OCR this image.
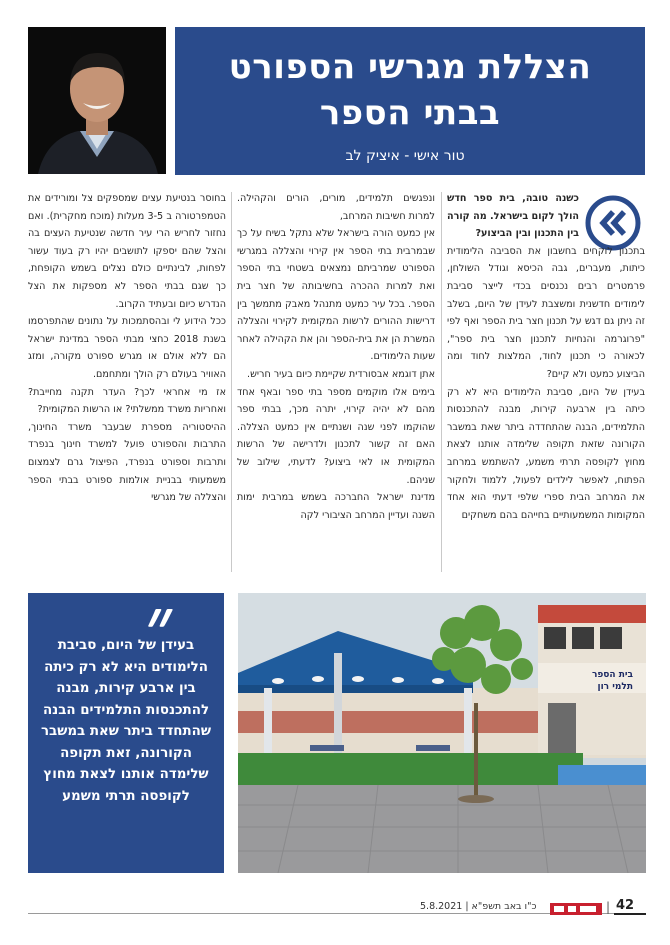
הצללת מגרשי הספורט
בבתי הספר
טור אישי - איציק לב

כשנה טובה, בית ספר חדש הולך לקום בישראל. מה קורה בין התכנון ובין הביצוע?

בתכנון לוקחים בחשבון את הסביבה הלימודית כיתות, מעברים, גבה הכיסא וגודל השולחן, פרמטרים רבים נכנסים בכדי לייצר סביבת לימודים חדשנית ומשצבת לעידן של היום, בשלב זה ניתן גם דגש על תכנון חצר בית הספר ואף לפי "פרוגרמה והנחיות לתכנון חצר בית ספר", לכאורה כי תכנון לחוד, המלצות לחוד ומה הביצוע כמעט ולא קיים?

בעידן של היום, סביבת הלימודים היא לא רק כיתה בין ארבעה קירות, מבנה להתכנסות התלמידים, הבנה שהתחדדה ביתר שאת במשבר הקורונה שזאת תקופה שלימדה אותנו לצאת מחוץ לקופסה תרתי משמע, להשתמש במרחב הפתוח, לאפשר לילדים לפעול, ללמוד ולחקור את המרחב הבית ספרי שלפי דעתי הוא אחד המקומות המשמעותיים בחייהם בהם משחקים

ונפגשים תלמידים, מורים, הורים והקהילה. למרות חשיבות המרחב,

אין כמעט הורה בישראל שלא נתקל בשיח על כך שבמרבית בתי הספר אין קירוי והצללה במגרשי הספורט שמרביתם נמצאים בשטחי בתי הספר ואת למרות ההכרה בחשיבותה של חצר בית הספר. בכל עיר כמעט מתנהל מאבק מתמשך בין דרישות ההורים לרשות המקומית לקירוי והצללה המשרת הן את בית-הספר והן את הקהילה לאחר שעות הלימודים.

אתן דוגמא אבסורדית שקיימת כיום בעיר חריש.

בימים אלו מוקמים מספר בתי ספר ובאף אחד מהם לא יהיה קירוי, יתרה מכך, בבתי ספר שהוקמו לפני שנה ושנתיים אין כמעט הצללה. האם זה קשור לתכנון ולדרישה של הרשות המקומית או לאי ביצוע? לדעתי, שילוב של שניהם.

מדינת ישראל החברכה בשמש במרבית ימות השנה ועדיין המרחב הציבורי לקה

בחוסר בנטיעת עצים שמספקים צל ומורידים את הטמפרטורה ב 3-5 מעלות (מוכח מחקרית). ואם נחזור לחריש הרי עיר חדשה שנטיעת העצים בה והצל שהם יספקו לתושבים יהיו רק בעוד עשור לפחות, לבינתיים כולם נצלים בשמש הקופחת, כך שגם בבתי הספר לא מספקות את הצל הנדרש כיום ובעתיד הקרוב.

ככל הידוע לי ובהסתמכות על נתונים שהתפרסמו בשנת 2018 כחצי מבתי הספר במדינת ישראל הם ללא אולם או מגרש ספורט מקורה, ומזג האוויר בעולם רק הולך ומתחמם.

אז מי אחראי לכך? העדר תקנה מחייבת? ואחריות משרד ממשלתי? או הרשות המקומית?

ההיסטוריה מספרת שבעבר משרד החינוך, התרבות והספורט פועל למשרד חינוך בנפרד ותרבות וספורט בנפרד, הפיצול גרם לצמצום משמעותי בבניית אולמות ספורט בבתי הספר והצללה של מגרשי

״
בעידן של היום, סביבת הלימודים היא לא רק כיתה בין ארבע קירות, מבנה להתכנסות התלמידים הבנה שהתחדד ביתר שאת במשבר הקורונה, זאת תקופה שלימדה אותנו לצאת מחוץ לקופסה תרתי משמע
בית הספר
תלמי רון
42
|
כ"ו באב תשפ"א | 5.8.2021
